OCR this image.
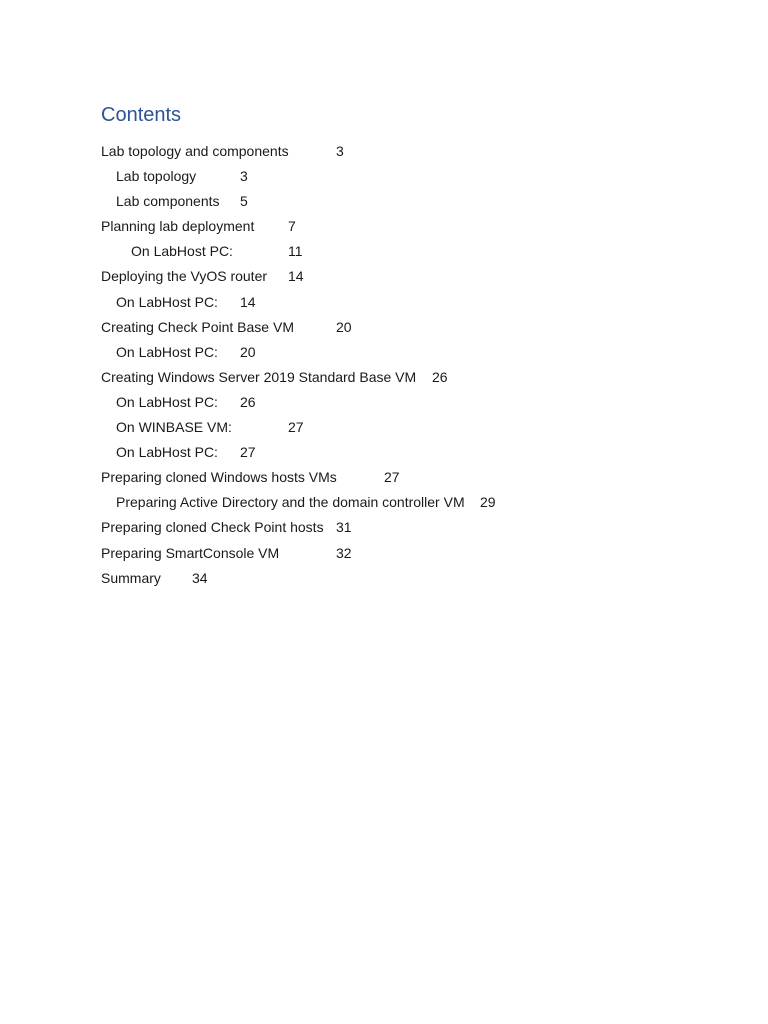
Contents
Lab topology and components	3
Lab topology	3
Lab components 5
Planning lab deployment 7
On LabHost PC:	11
Deploying the VyOS router 14
On LabHost PC: 14
Creating Check Point Base VM	20
On LabHost PC: 20
Creating Windows Server 2019 Standard Base VM 26
On LabHost PC: 26
On WINBASE VM:	27
On LabHost PC: 27
Preparing cloned Windows hosts VMs	27
Preparing Active Directory and the domain controller VM 29
Preparing cloned Check Point hosts 31
Preparing SmartConsole VM	32
Summary 34
